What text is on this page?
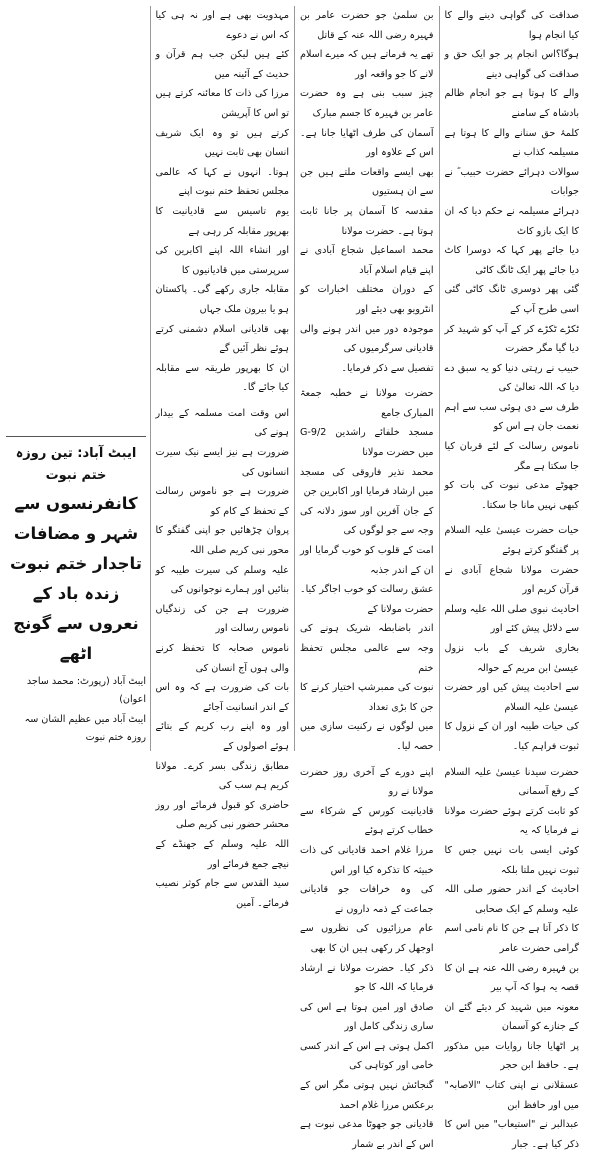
صداقت کی گواہی دینے والے کا کیا انجام ہوا
ہوگا؟اس انجام پر جو ایک حق و صداقت کی گواہی دینے
والے کا ہوتا ہے جو انجام ظالم بادشاہ کے سامنے
کلمۂ حق سنانے والے کا ہوتا ہے مسیلمہ کذاب نے
سوالات دہرائے حضرت حبیب ؓ نے جوابات
دہرائے مسیلمہ نے حکم دیا کہ ان کا ایک بازو کاٹ
دیا جائے پھر کہا کہ دوسرا کاٹ دیا جائے پھر ایک ٹانگ کاٹی
گئی پھر دوسری ٹانگ کاٹی گئی اسی طرح آپ کے
ٹکڑے ٹکڑے کر کے آپ کو شہید کر دیا گیا مگر حضرت
حبیب نے رہتی دنیا کو یہ سبق دے دیا کہ اللہ تعالیٰ کی
طرف سے دی ہوئی سب سے اہم نعمت جان ہے اس کو
ناموس رسالت کے لئے قربان کیا جا سکتا ہے مگر
جھوٹے مدعی نبوت کی بات کو کبھی نہیں مانا جا سکتا۔

حیات حضرت عیسیٰ علیہ السلام پر گفتگو کرتے ہوئے
حضرت مولانا شجاع آبادی نے قرآن کریم اور
احادیث نبوی صلی اللہ علیہ وسلم سے دلائل پیش کئے اور
بخاری شریف کے باب نزول عیسیٰ ابن مریم کے حوالہ
سے احادیث پیش کیں اور حضرت عیسیٰ علیہ السلام
کی حیات طیبہ اور ان کے نزول کا ثبوت فراہم کیا۔

حضرت سیدنا عیسیٰ علیہ السلام کے رفع آسمانی
کو ثابت کرتے ہوئے حضرت مولانا نے فرمایا کہ یہ
کوئی ایسی بات نہیں جس کا ثبوت نہیں ملتا بلکہ
احادیث کے اندر حضور صلی اللہ علیہ وسلم کے ایک صحابی
کا ذکر آتا ہے جن کا نام نامی اسم گرامی حضرت عامر
بن فہیرہ رضی اللہ عنہ ہے ان کا قصہ یہ ہوا کہ آپ بیر
معونہ میں شہید کر دیئے گئے ان کے جنازے کو آسمان
پر اٹھایا جانا روایات میں مذکور ہے۔ حافظ ابن حجر
عسقلانی نے اپنی کتاب "الاصابہ" میں اور حافظ ابن
عبدالبر نے "استیعاب" میں اس کا ذکر کیا ہے۔ جبار

بن سلمیٰ جو حضرت عامر بن فہیرہ رضی اللہ عنہ کے قاتل
تھے یہ فرماتے ہیں کہ میرے اسلام لانے کا جو واقعہ اور
چیز سبب بنی ہے وہ حضرت عامر بن فہیرہ کا جسم مبارک
آسمان کی طرف اٹھایا جانا ہے۔ اس کے علاوہ اور
بھی ایسے واقعات ملتے ہیں جن سے ان ہستیوں
مقدسہ کا آسمان پر جانا ثابت ہوتا ہے۔ حضرت مولانا
محمد اسماعیل شجاع آبادی نے اپنے قیام اسلام آباد
کے دوران مختلف اخبارات کو انٹرویو بھی دیئے اور
موجودہ دور میں اندر ہونے والی قادیانی سرگرمیوں کی
تفصیل سے ذکر فرمایا۔

حضرت مولانا نے خطبہ جمعۃ المبارک جامع
مسجد خلفائے راشدین G-9/2 میں حضرت مولانا
محمد نذیر فاروقی کی مسجد میں ارشاد فرمایا اور اکابرین جن
کے جان آفرین اور سوز دلانہ کی وجہ سے جو لوگوں کی
امت کے قلوب کو خوب گرمایا اور ان کے اندر جذبہ
عشق رسالت کو خوب اجاگر کیا۔ حضرت مولانا کے
اندر باضابطہ شریک ہونے کی وجہ سے عالمی مجلس تحفظ ختم
نبوت کی ممبرشپ اختیار کرنے کا جن کا بڑی تعداد
میں لوگوں نے رکنیت سازی میں حصہ لیا۔

اپنے دورے کے آخری روز حضرت مولانا نے رو
قادیانیت کورس کے شرکاء سے خطاب کرتے ہوئے
مرزا غلام احمد قادیانی کی ذات خبیثہ کا تذکرہ کیا اور اس
کی وہ خرافات جو قادیانی جماعت کے ذمہ داروں نے
عام مرزائیوں کی نظروں سے اوجھل کر رکھی ہیں ان کا بھی
ذکر کیا۔ حضرت مولانا نے ارشاد فرمایا کہ اللہ کا جو
صادق اور امین ہوتا ہے اس کی ساری زندگی کامل اور
اکمل ہوتی ہے اس کے اندر کسی خامی اور کوتاہی کی
گنجائش نہیں ہوتی مگر اس کے برعکس مرزا غلام احمد
قادیانی جو جھوٹا مدعی نبوت ہے اس کے اندر بے شمار

مہدویت بھی ہے اور نہ ہی کیا کہ اس نے دعوے
کئے ہیں لیکن جب ہم قرآن و حدیث کے آئینہ میں
مرزا کی ذات کا معائنہ کرتے ہیں تو اس کا آپریشن
کرتے ہیں تو وہ ایک شریف انسان بھی ثابت نہیں
ہوتا۔ انہوں نے کہا کہ عالمی مجلس تحفظ ختم نبوت اپنے
یوم تاسیس سے قادیانیت کا بھرپور مقابلہ کر رہی ہے
اور انشاء اللہ اپنے اکابرین کی سرپرستی میں قادیانیوں کا
مقابلہ جاری رکھے گی۔ پاکستان ہو یا بیرون ملک جہاں
بھی قادیانی اسلام دشمنی کرتے ہوئے نظر آئیں گے
ان کا بھرپور طریقہ سے مقابلہ کیا جائے گا۔

اس وقت امت مسلمہ کے بیدار ہونے کی
ضرورت ہے نیز ایسے نیک سیرت انسانوں کی
ضرورت ہے جو ناموس رسالت کے تحفظ کے کام کو
پروان چڑھائیں جو اپنی گفتگو کا محور نبی کریم صلی اللہ
علیہ وسلم کی سیرت طیبہ کو بنائیں اور ہمارے نوجوانوں کی
ضرورت ہے جن کی زندگیاں ناموس رسالت اور
ناموس صحابہ کا تحفظ کرنے والی ہوں آج انسان کی
بات کی ضرورت ہے کہ وہ اس کے اندر انسانیت آجائے
اور وہ اپنے رب کریم کے بتائے ہوئے اصولوں کے
مطابق زندگی بسر کرے۔ مولانا کریم ہم سب کی
حاضری کو قبول فرمائے اور روز محشر حضور نبی کریم صلی
اللہ علیہ وسلم کے جھنڈے کے نیچے جمع فرمائے اور
سید القدس سے جام کوثر نصیب فرمائے۔ آمین

ایبٹ آباد: تین روزہ ختم نبوت
کانفرنسوں سے شہر و مضافات تاجدار ختم نبوت زندہ باد کے نعروں سے گونج اٹھے
ایبٹ آباد (رپورٹ: محمد ساجد اعوان)
ایبٹ آباد میں عظیم الشان سہ روزہ ختم نبوت
